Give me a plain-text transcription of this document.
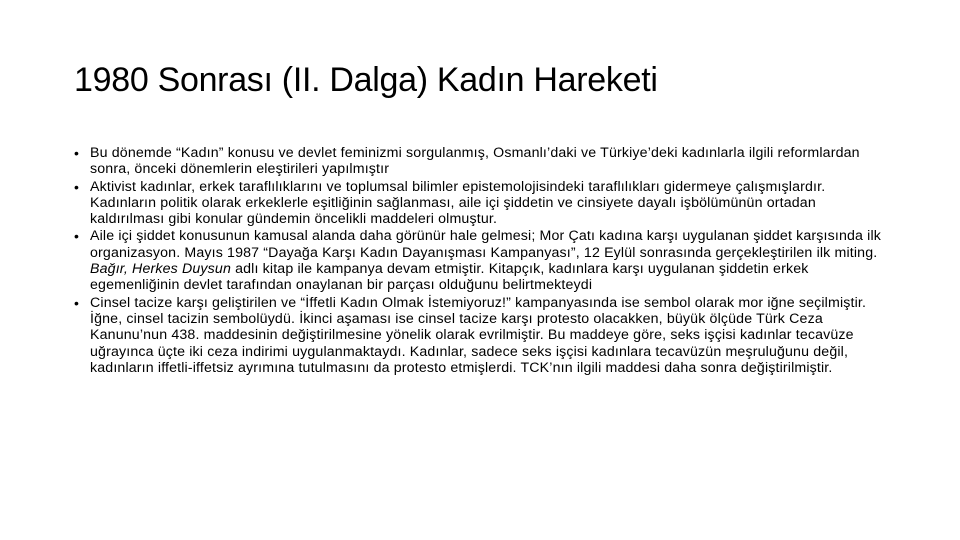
1980 Sonrası (II. Dalga) Kadın Hareketi
• Bu dönemde “Kadın” konusu ve devlet feminizmi sorgulanmış, Osmanlı’daki ve Türkiye’deki kadınlarla ilgili reformlardan sonra, önceki dönemlerin eleştirileri yapılmıştır
• Aktivist kadınlar, erkek taraflılıklarını ve toplumsal bilimler epistemolojisindeki taraflılıkları gidermeye çalışmışlardır. Kadınların politik olarak erkeklerle eşitliğinin sağlanması, aile içi şiddetin ve cinsiyete dayalı işbölümünün ortadan kaldırılması gibi konular gündemin öncelikli maddeleri olmuştur.
• Aile içi şiddet konusunun kamusal alanda daha görünür hale gelmesi; Mor Çatı kadına karşı uygulanan şiddet karşısında ilk organizasyon. Mayıs 1987 “Dayağa Karşı Kadın Dayanışması Kampanyası”, 12 Eylül sonrasında gerçekleştirilen ilk miting. Bağır, Herkes Duysun adlı kitap ile kampanya devam etmiştir. Kitapçık, kadınlara karşı uygulanan şiddetin erkek egemenliğinin devlet tarafından onaylanan bir parçası olduğunu belirtmekteydi
• Cinsel tacize karşı geliştirilen ve “İffetli Kadın Olmak İstemiyoruz!” kampanyasında ise sembol olarak mor iğne seçilmiştir. İğne, cinsel tacizin sembolüydü. İkinci aşaması ise cinsel tacize karşı protesto olacakken, büyük ölçüde Türk Ceza Kanunu’nun 438. maddesinin değiştirilmesine yönelik olarak evrilmiştir. Bu maddeye göre, seks işçisi kadınlar tecavüze uğrayınca üçte iki ceza indirimi uygulanmaktaydı. Kadınlar, sadece seks işçisi kadınlara tecavüzün meşruluğunu değil, kadınların iffetli-iffetsiz ayrımına tutulmasını da protesto etmişlerdi. TCK’nın ilgili maddesi daha sonra değiştirilmiştir.
